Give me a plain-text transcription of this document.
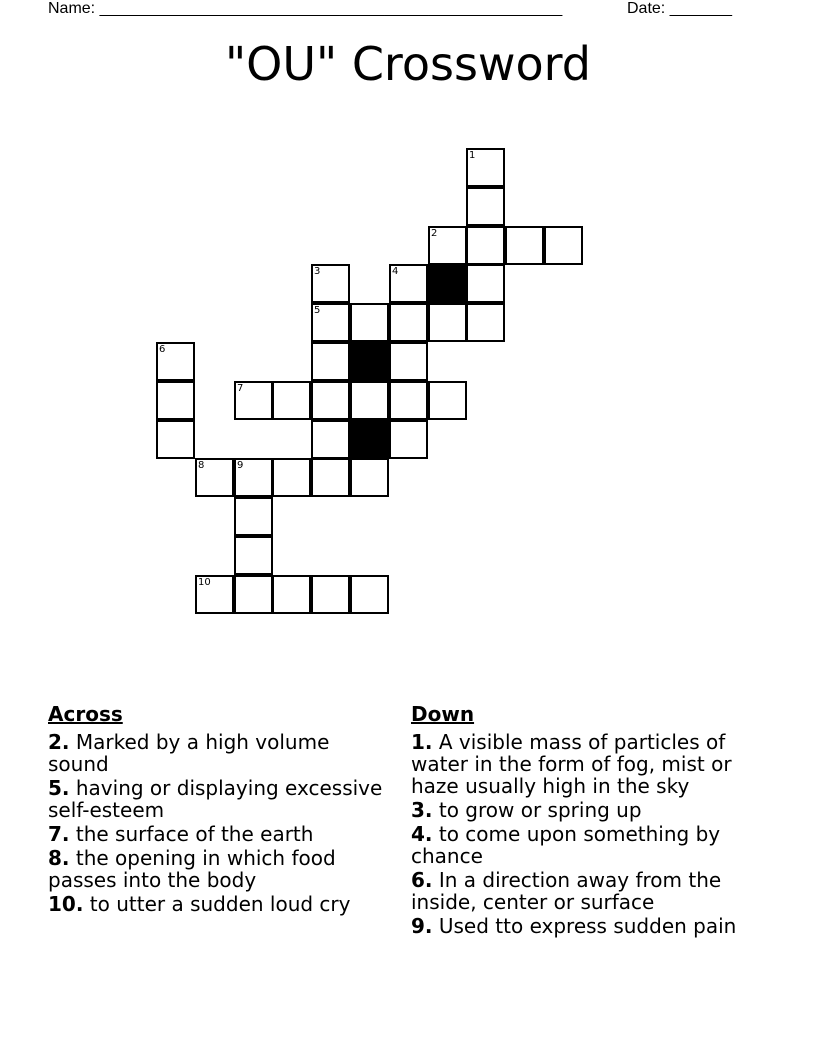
Name: ____________________________________________________	Date: _______
"OU" Crossword
1
2
3	4
5
6
7
8	9
10
Across
2. Marked by a high volume sound
5. having or displaying excessive self-esteem
7. the surface of the earth
8. the opening in which food passes into the body
10. to utter a sudden loud cry
Down
1. A visible mass of particles of water in the form of fog, mist or haze usually high in the sky
3. to grow or spring up
4. to come upon something by chance
6. In a direction away from the inside, center or surface
9. Used tto express sudden pain
